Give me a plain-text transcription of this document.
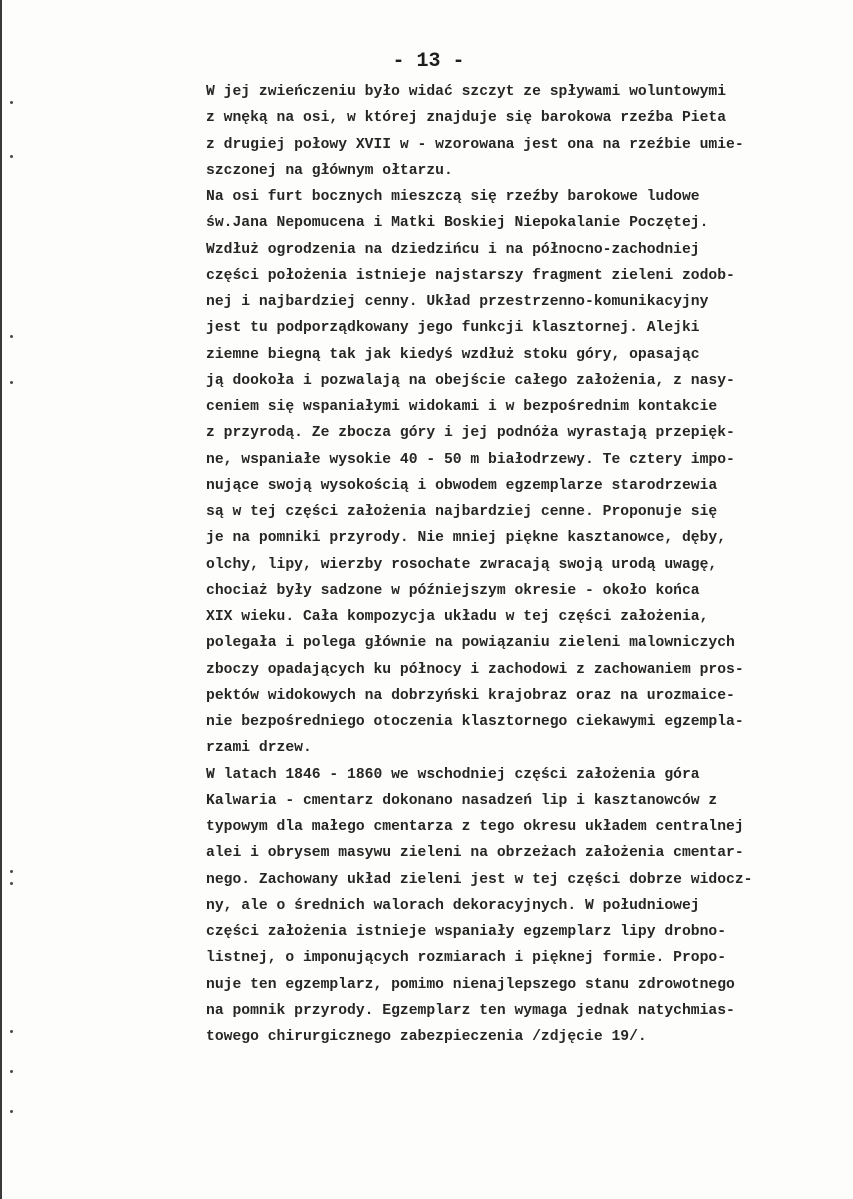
- 13 -
W jej zwieńczeniu było widać szczyt ze spływami woluntowymi
z wnęką na osi, w której znajduje się barokowa rzeźba Pieta
z drugiej połowy XVII w - wzorowana jest ona na rzeźbie umie-
szczonej na głównym ołtarzu.
Na osi furt bocznych mieszczą się rzeźby barokowe ludowe
św.Jana Nepomucena i Matki Boskiej Niepokalanie Poczętej.
Wzdłuż ogrodzenia na dziedzińcu i na północno-zachodniej
części położenia istnieje najstarszy fragment zieleni zodob-
nej i najbardziej cenny. Układ przestrzenno-komunikacyjny
jest tu podporządkowany jego funkcji klasztornej. Alejki
ziemne biegną tak jak kiedyś wzdłuż stoku góry, opasając
ją dookoła i pozwalają na obejście całego założenia, z nasy-
ceniem się wspaniałymi widokami i w bezpośrednim kontakcie
z przyrodą. Ze zbocza góry i jej podnóża wyrastają przepięk-
ne, wspaniałe wysokie 40 - 50 m białodrzewy. Te cztery impo-
nujące swoją wysokością i obwodem egzemplarze starodrzewia
są w tej części założenia najbardziej cenne. Proponuje się
je na pomniki przyrody. Nie mniej piękne kasztanowce, dęby,
olchy, lipy, wierzby rosochate zwracają swoją urodą uwagę,
chociaż były sadzone w późniejszym okresie - około końca
XIX wieku. Cała kompozycja układu w tej części założenia,
polegała i polega głównie na powiązaniu zieleni malowniczych
zboczy opadających ku północy i zachodowi z zachowaniem pros-
pektów widokowych na dobrzyński krajobraz oraz na urozmaice-
nie bezpośredniego otoczenia klasztornego ciekawymi egzempla-
rzami drzew.
W latach 1846 - 1860 we wschodniej części założenia góra
Kalwaria - cmentarz dokonano nasadzeń lip i kasztanowców z
typowym dla małego cmentarza z tego okresu układem centralnej
alei i obrysem masywu zieleni na obrzeżach założenia cmentar-
nego. Zachowany układ zieleni jest w tej części dobrze widocz-
ny, ale o średnich walorach dekoracyjnych. W południowej
części założenia istnieje wspaniały egzemplarz lipy drobno-
listnej, o imponujących rozmiarach i pięknej formie. Propo-
nuje ten egzemplarz, pomimo nienajlepszego stanu zdrowotnego
na pomnik przyrody. Egzemplarz ten wymaga jednak natychmias-
towego chirurgicznego zabezpieczenia /zdjęcie 19/.
